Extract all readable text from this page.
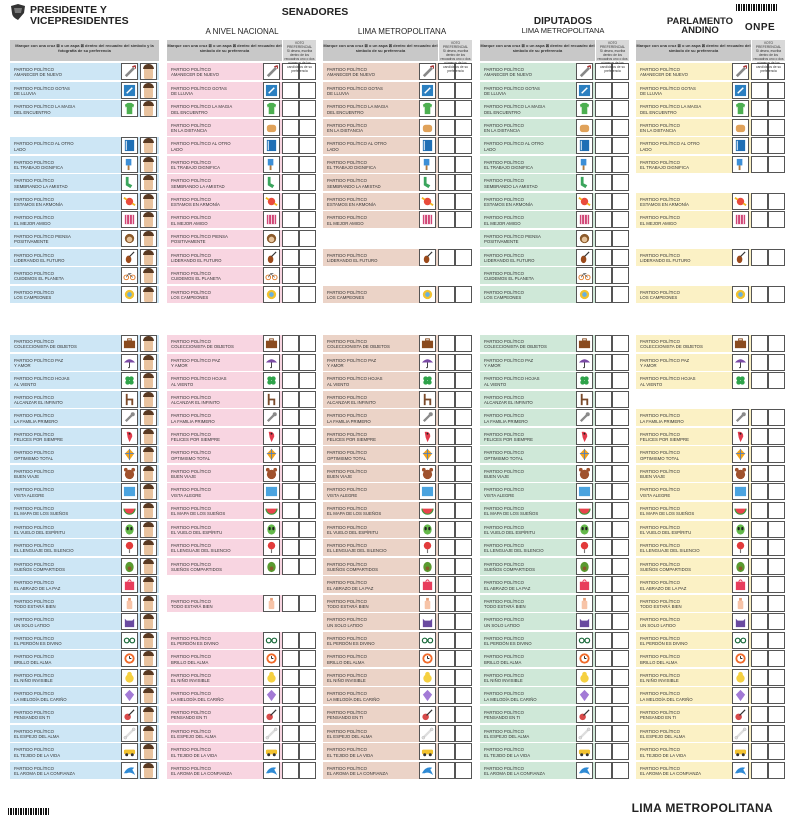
PRESIDENTE Y
VICEPRESIDENTES
SENADORES
A NIVEL NACIONAL	LIMA METROPOLITANA
DIPUTADOS
LIMA METROPOLITANA
PARLAMENTO
ANDINO	ONPE
LIMA METROPOLITANA
PARTIDO POLÍTICO
AMANECER DE NUEVO
PARTIDO POLÍTICO
AMANECER DE NUEVO
PARTIDO POLÍTICO
AMANECER DE NUEVO
PARTIDO POLÍTICO
AMANECER DE NUEVO
PARTIDO POLÍTICO
AMANECER DE NUEVO
PARTIDO POLÍTICO GOTAS
DE LLUVIA
PARTIDO POLÍTICO GOTAS
DE LLUVIA
PARTIDO POLÍTICO GOTAS
DE LLUVIA
PARTIDO POLÍTICO GOTAS
DE LLUVIA
PARTIDO POLÍTICO GOTAS
DE LLUVIA
PARTIDO POLÍTICO LA MAGIA
DEL ENCUENTRO
PARTIDO POLÍTICO LA MAGIA
DEL ENCUENTRO
PARTIDO POLÍTICO LA MAGIA
DEL ENCUENTRO
PARTIDO POLÍTICO LA MAGIA
DEL ENCUENTRO
PARTIDO POLÍTICO LA MAGIA
DEL ENCUENTRO
PARTIDO POLÍTICO
EN LA DISTANCIA
PARTIDO POLÍTICO
EN LA DISTANCIA
PARTIDO POLÍTICO
EN LA DISTANCIA
PARTIDO POLÍTICO
EN LA DISTANCIA
PARTIDO POLÍTICO AL OTRO
LADO
PARTIDO POLÍTICO AL OTRO
LADO
PARTIDO POLÍTICO AL OTRO
LADO
PARTIDO POLÍTICO AL OTRO
LADO
PARTIDO POLÍTICO AL OTRO
LADO
PARTIDO POLÍTICO
EL TRABAJO DIGNIFICA
PARTIDO POLÍTICO
EL TRABAJO DIGNIFICA
PARTIDO POLÍTICO
EL TRABAJO DIGNIFICA
PARTIDO POLÍTICO
EL TRABAJO DIGNIFICA
PARTIDO POLÍTICO
EL TRABAJO DIGNIFICA
PARTIDO POLÍTICO
SEMBRANDO LA AMISTAD
PARTIDO POLÍTICO
SEMBRANDO LA AMISTAD
PARTIDO POLÍTICO
SEMBRANDO LA AMISTAD
PARTIDO POLÍTICO
SEMBRANDO LA AMISTAD
PARTIDO POLÍTICO
ESTAMOS EN ARMONÍA
PARTIDO POLÍTICO
ESTAMOS EN ARMONÍA
PARTIDO POLÍTICO
ESTAMOS EN ARMONÍA
PARTIDO POLÍTICO
ESTAMOS EN ARMONÍA
PARTIDO POLÍTICO
ESTAMOS EN ARMONÍA
PARTIDO POLÍTICO
EL MEJOR AMIGO
PARTIDO POLÍTICO
EL MEJOR AMIGO
PARTIDO POLÍTICO
EL MEJOR AMIGO
PARTIDO POLÍTICO
EL MEJOR AMIGO
PARTIDO POLÍTICO
EL MEJOR AMIGO
PARTIDO POLÍTICO PIENSA
POSITIVAMENTE
PARTIDO POLÍTICO PIENSA
POSITIVAMENTE
PARTIDO POLÍTICO PIENSA
POSITIVAMENTE
PARTIDO POLÍTICO
LIDERANDO EL FUTURO
PARTIDO POLÍTICO
LIDERANDO EL FUTURO
PARTIDO POLÍTICO
LIDERANDO EL FUTURO
PARTIDO POLÍTICO
LIDERANDO EL FUTURO
PARTIDO POLÍTICO
LIDERANDO EL FUTURO
PARTIDO POLÍTICO
CUIDEMOS EL PLANETA
PARTIDO POLÍTICO
CUIDEMOS EL PLANETA
PARTIDO POLÍTICO
CUIDEMOS EL PLANETA
PARTIDO POLÍTICO
LOS CAMPEONES
PARTIDO POLÍTICO
LOS CAMPEONES
PARTIDO POLÍTICO
LOS CAMPEONES
PARTIDO POLÍTICO
LOS CAMPEONES
PARTIDO POLÍTICO
LOS CAMPEONES
PARTIDO POLÍTICO
COLECCIONISTA DE OBJETOS
PARTIDO POLÍTICO
COLECCIONISTA DE OBJETOS
PARTIDO POLÍTICO
COLECCIONISTA DE OBJETOS
PARTIDO POLÍTICO
COLECCIONISTA DE OBJETOS
PARTIDO POLÍTICO
COLECCIONISTA DE OBJETOS
PARTIDO POLÍTICO PAZ
Y AMOR
PARTIDO POLÍTICO PAZ
Y AMOR
PARTIDO POLÍTICO PAZ
Y AMOR
PARTIDO POLÍTICO PAZ
Y AMOR
PARTIDO POLÍTICO PAZ
Y AMOR
PARTIDO POLÍTICO HOJAS
AL VIENTO
PARTIDO POLÍTICO HOJAS
AL VIENTO
PARTIDO POLÍTICO HOJAS
AL VIENTO
PARTIDO POLÍTICO HOJAS
AL VIENTO
PARTIDO POLÍTICO HOJAS
AL VIENTO
PARTIDO POLÍTICO
ALCANZAR EL INFINITO
PARTIDO POLÍTICO
ALCANZAR EL INFINITO
PARTIDO POLÍTICO
ALCANZAR EL INFINITO
PARTIDO POLÍTICO
ALCANZAR EL INFINITO
PARTIDO POLÍTICO
LA FAMILIA PRIMERO
PARTIDO POLÍTICO
LA FAMILIA PRIMERO
PARTIDO POLÍTICO
LA FAMILIA PRIMERO
PARTIDO POLÍTICO
LA FAMILIA PRIMERO
PARTIDO POLÍTICO
LA FAMILIA PRIMERO
PARTIDO POLÍTICO
FELICES POR SIEMPRE
PARTIDO POLÍTICO
FELICES POR SIEMPRE
PARTIDO POLÍTICO
FELICES POR SIEMPRE
PARTIDO POLÍTICO
FELICES POR SIEMPRE
PARTIDO POLÍTICO
FELICES POR SIEMPRE
PARTIDO POLÍTICO
OPTIMISMO TOTAL
PARTIDO POLÍTICO
OPTIMISMO TOTAL
PARTIDO POLÍTICO
OPTIMISMO TOTAL
PARTIDO POLÍTICO
OPTIMISMO TOTAL
PARTIDO POLÍTICO
OPTIMISMO TOTAL
PARTIDO POLÍTICO
BUEN VIAJE
PARTIDO POLÍTICO
BUEN VIAJE
PARTIDO POLÍTICO
BUEN VIAJE
PARTIDO POLÍTICO
BUEN VIAJE
PARTIDO POLÍTICO
BUEN VIAJE
PARTIDO POLÍTICO
VISTA ALEGRE
PARTIDO POLÍTICO
VISTA ALEGRE
PARTIDO POLÍTICO
VISTA ALEGRE
PARTIDO POLÍTICO
VISTA ALEGRE
PARTIDO POLÍTICO
VISTA ALEGRE
PARTIDO POLÍTICO
EL MAPA DE LOS SUEÑOS
PARTIDO POLÍTICO
EL MAPA DE LOS SUEÑOS
PARTIDO POLÍTICO
EL MAPA DE LOS SUEÑOS
PARTIDO POLÍTICO
EL MAPA DE LOS SUEÑOS
PARTIDO POLÍTICO
EL MAPA DE LOS SUEÑOS
PARTIDO POLÍTICO
EL VUELO DEL ESPÍRITU
PARTIDO POLÍTICO
EL VUELO DEL ESPÍRITU
PARTIDO POLÍTICO
EL VUELO DEL ESPÍRITU
PARTIDO POLÍTICO
EL VUELO DEL ESPÍRITU
PARTIDO POLÍTICO
EL VUELO DEL ESPÍRITU
PARTIDO POLÍTICO
EL LENGUAJE DEL SILENCIO
PARTIDO POLÍTICO
EL LENGUAJE DEL SILENCIO
PARTIDO POLÍTICO
EL LENGUAJE DEL SILENCIO
PARTIDO POLÍTICO
EL LENGUAJE DEL SILENCIO
PARTIDO POLÍTICO
EL LENGUAJE DEL SILENCIO
PARTIDO POLÍTICO
SUEÑOS COMPARTIDOS
PARTIDO POLÍTICO
SUEÑOS COMPARTIDOS
PARTIDO POLÍTICO
SUEÑOS COMPARTIDOS
PARTIDO POLÍTICO
SUEÑOS COMPARTIDOS
PARTIDO POLÍTICO
SUEÑOS COMPARTIDOS
PARTIDO POLÍTICO
EL ABRAZO DE LA PAZ
PARTIDO POLÍTICO
EL ABRAZO DE LA PAZ
PARTIDO POLÍTICO
EL ABRAZO DE LA PAZ
PARTIDO POLÍTICO
EL ABRAZO DE LA PAZ
PARTIDO POLÍTICO
TODO ESTARÁ BIEN
PARTIDO POLÍTICO
TODO ESTARÁ BIEN
PARTIDO POLÍTICO
TODO ESTARÁ BIEN
PARTIDO POLÍTICO
TODO ESTARÁ BIEN
PARTIDO POLÍTICO
TODO ESTARÁ BIEN
PARTIDO POLÍTICO
UN SOLO LATIDO
PARTIDO POLÍTICO
UN SOLO LATIDO
PARTIDO POLÍTICO
UN SOLO LATIDO
PARTIDO POLÍTICO
UN SOLO LATIDO
PARTIDO POLÍTICO
EL PERDÓN ES DIVINO
PARTIDO POLÍTICO
EL PERDÓN ES DIVINO
PARTIDO POLÍTICO
EL PERDÓN ES DIVINO
PARTIDO POLÍTICO
EL PERDÓN ES DIVINO
PARTIDO POLÍTICO
EL PERDÓN ES DIVINO
PARTIDO POLÍTICO
BRILLO DEL ALMA
PARTIDO POLÍTICO
BRILLO DEL ALMA
PARTIDO POLÍTICO
BRILLO DEL ALMA
PARTIDO POLÍTICO
BRILLO DEL ALMA
PARTIDO POLÍTICO
BRILLO DEL ALMA
PARTIDO POLÍTICO
EL NIÑO INVISIBLE
PARTIDO POLÍTICO
EL NIÑO INVISIBLE
PARTIDO POLÍTICO
EL NIÑO INVISIBLE
PARTIDO POLÍTICO
EL NIÑO INVISIBLE
PARTIDO POLÍTICO
EL NIÑO INVISIBLE
PARTIDO POLÍTICO
LA MELODÍA DEL CARIÑO
PARTIDO POLÍTICO
LA MELODÍA DEL CARIÑO
PARTIDO POLÍTICO
LA MELODÍA DEL CARIÑO
PARTIDO POLÍTICO
LA MELODÍA DEL CARIÑO
PARTIDO POLÍTICO
LA MELODÍA DEL CARIÑO
PARTIDO POLÍTICO
PENSANDO EN TI
PARTIDO POLÍTICO
PENSANDO EN TI
PARTIDO POLÍTICO
PENSANDO EN TI
PARTIDO POLÍTICO
PENSANDO EN TI
PARTIDO POLÍTICO
PENSANDO EN TI
PARTIDO POLÍTICO
EL ESPEJO DEL ALMA
PARTIDO POLÍTICO
EL ESPEJO DEL ALMA
PARTIDO POLÍTICO
EL ESPEJO DEL ALMA
PARTIDO POLÍTICO
EL ESPEJO DEL ALMA
PARTIDO POLÍTICO
EL ESPEJO DEL ALMA
PARTIDO POLÍTICO
EL TEJIDO DE LA VIDA
PARTIDO POLÍTICO
EL TEJIDO DE LA VIDA
PARTIDO POLÍTICO
EL TEJIDO DE LA VIDA
PARTIDO POLÍTICO
EL TEJIDO DE LA VIDA
PARTIDO POLÍTICO
EL TEJIDO DE LA VIDA
PARTIDO POLÍTICO
EL AROMA DE LA CONFIANZA
PARTIDO POLÍTICO
EL AROMA DE LA CONFIANZA
PARTIDO POLÍTICO
EL AROMA DE LA CONFIANZA
PARTIDO POLÍTICO
EL AROMA DE LA CONFIANZA
PARTIDO POLÍTICO
EL AROMA DE LA CONFIANZA
Marque con una cruz ⊠ o un aspa ⊠ dentro del recuadro del símbolo y la fotografía de su preferencia
Marque con una cruz ⊠ o un aspa ⊠ dentro del recuadro del símbolo de su preferencia
VOTO PREFERENCIAL
Si desea, escriba dentro de los recuadros uno o dos números de los candidatos de su preferencia
Marque con una cruz ⊠ o un aspa ⊠ dentro del recuadro del símbolo de su preferencia
VOTO PREFERENCIAL
Si desea, escriba dentro de los recuadros uno o dos números de los candidatos de su preferencia
Marque con una cruz ⊠ o un aspa ⊠ dentro del recuadro del símbolo de su preferencia
VOTO PREFERENCIAL
Si desea, escriba dentro de los recuadros uno o dos números de los candidatos de su preferencia
Marque con una cruz ⊠ o un aspa ⊠ dentro del recuadro del símbolo de su preferencia
VOTO PREFERENCIAL
Si desea, escriba dentro de los recuadros uno o dos números de los candidatos de su preferencia
